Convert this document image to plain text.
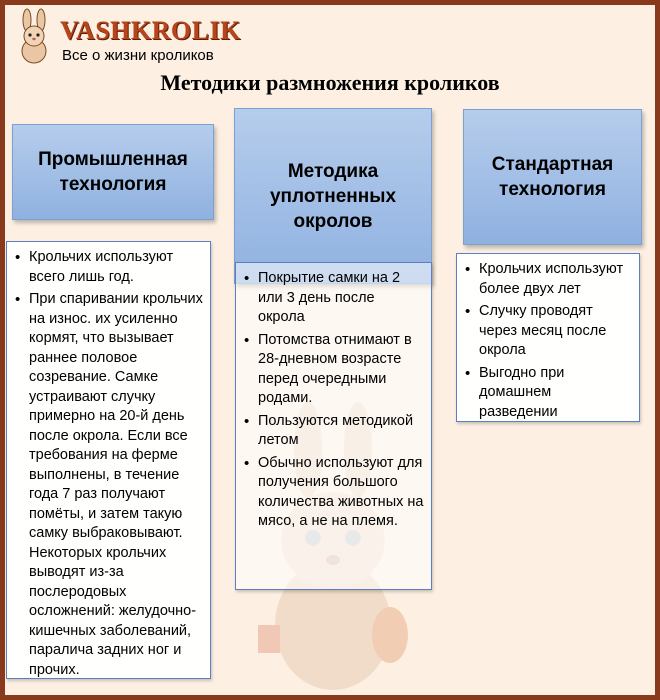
VASHKROLIK
Все о жизни кроликов
Методики размножения кроликов
Промышленная технология
Методика уплотненных окролов
Стандартная технология
• Крольчих используют всего лишь год.
• При спаривании крольчих на износ. их усиленно кормят, что вызывает раннее половое созревание. Самке устраивают случку примерно на 20-й день после окрола. Если все требования на ферме выполнены, в течение года 7 раз получают помёты, и затем такую самку выбраковывают. Некоторых крольчих выводят из-за послеродовых осложнений: желудочно-кишечных заболеваний, паралича задних ног и прочих.
• Покрытие самки на 2 или 3 день после окрола
• Потомства отнимают в 28-дневном возрасте перед очередными родами.
• Пользуются методикой летом
• Обычно используют для получения большого количества животных на мясо, а не на племя.
• Крольчих используют более двух лет
• Случку проводят через месяц после окрола
• Выгодно при домашнем разведении
